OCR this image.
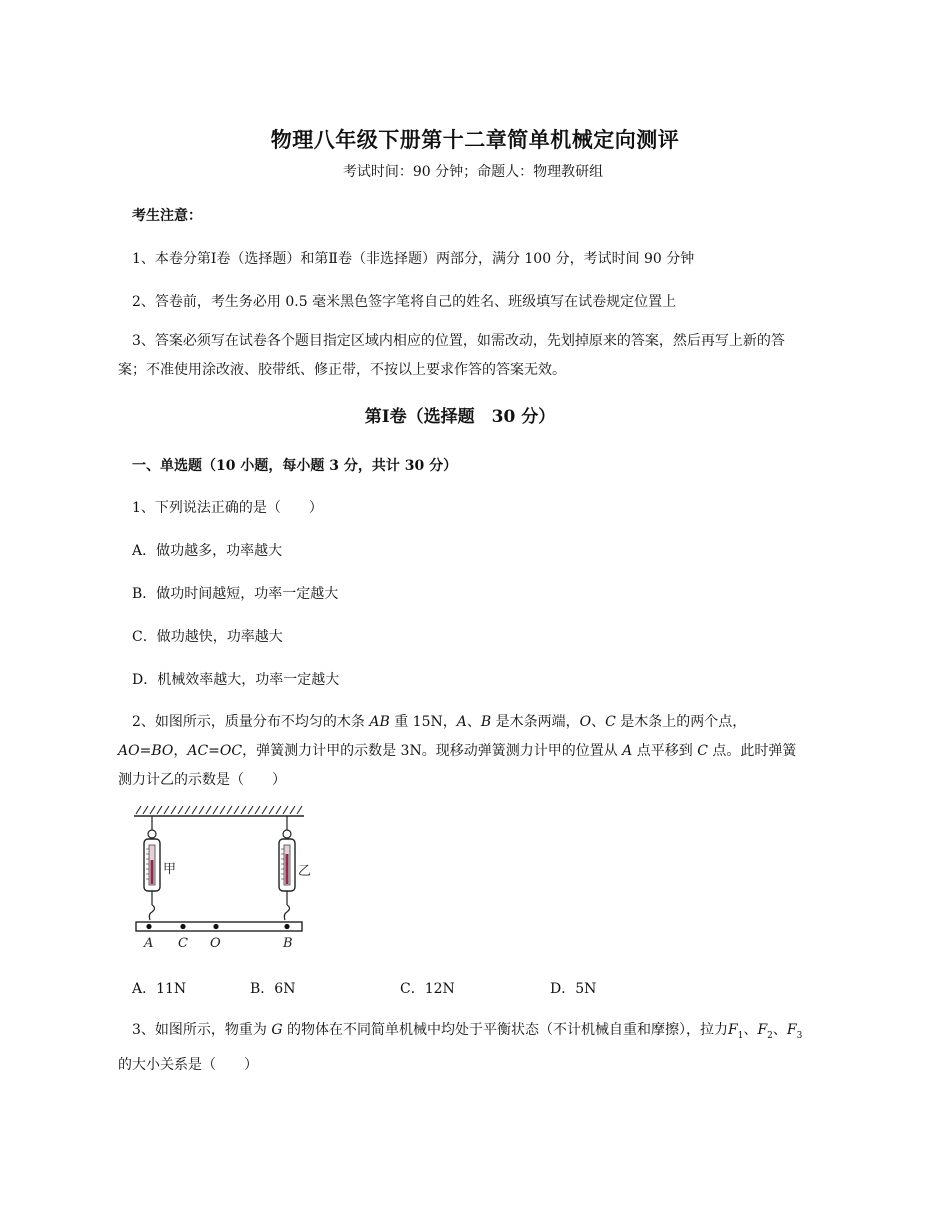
物理八年级下册第十二章简单机械定向测评
考试时间：90 分钟；命题人：物理教研组
考生注意：
1、本卷分第Ⅰ卷（选择题）和第Ⅱ卷（非选择题）两部分，满分 100 分，考试时间 90 分钟
2、答卷前，考生务必用 0.5 毫米黑色签字笔将自己的姓名、班级填写在试卷规定位置上
3、答案必须写在试卷各个题目指定区域内相应的位置，如需改动，先划掉原来的答案，然后再写上新的答案；不准使用涂改液、胶带纸、修正带，不按以上要求作答的答案无效。
第Ⅰ卷（选择题　30 分）
一、单选题（10 小题，每小题 3 分，共计 30 分）
1、下列说法正确的是（　　）
A．做功越多，功率越大
B．做功时间越短，功率一定越大
C．做功越快，功率越大
D．机械效率越大，功率一定越大
2、如图所示，质量分布不均匀的木条 AB 重 15N，A、B 是木条两端，O、C 是木条上的两个点，AO=BO，AC=OC，弹簧测力计甲的示数是 3N。现移动弹簧测力计甲的位置从 A 点平移到 C 点。此时弹簧测力计乙的示数是（　　）
甲	乙
A C O	B
A．11N	B．6N	C．12N	D．5N
3、如图所示，物重为 G 的物体在不同简单机械中均处于平衡状态（不计机械自重和摩擦），拉力$F_1$、$F_2$、$F_3$的大小关系是（　　）
